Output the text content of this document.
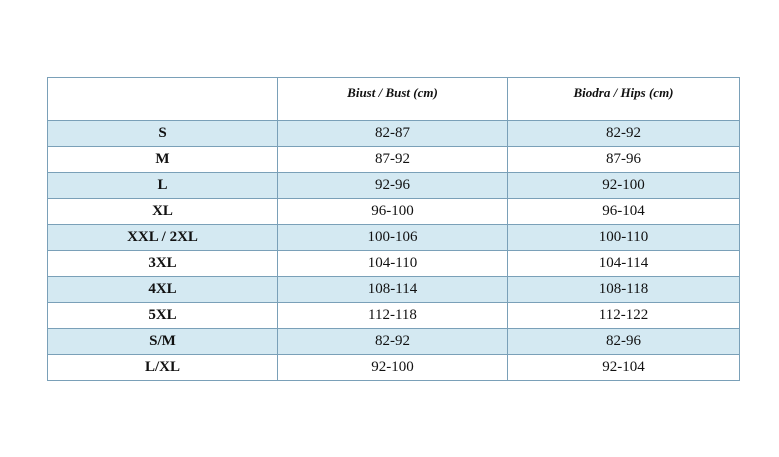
	Biust / Bust (cm)	Biodra / Hips (cm)
S	82-87	82-92
M	87-92	87-96
L	92-96	92-100
XL	96-100	96-104
XXL / 2XL	100-106	100-110
3XL	104-110	104-114
4XL	108-114	108-118
5XL	112-118	112-122
S/M	82-92	82-96
L/XL	92-100	92-104
